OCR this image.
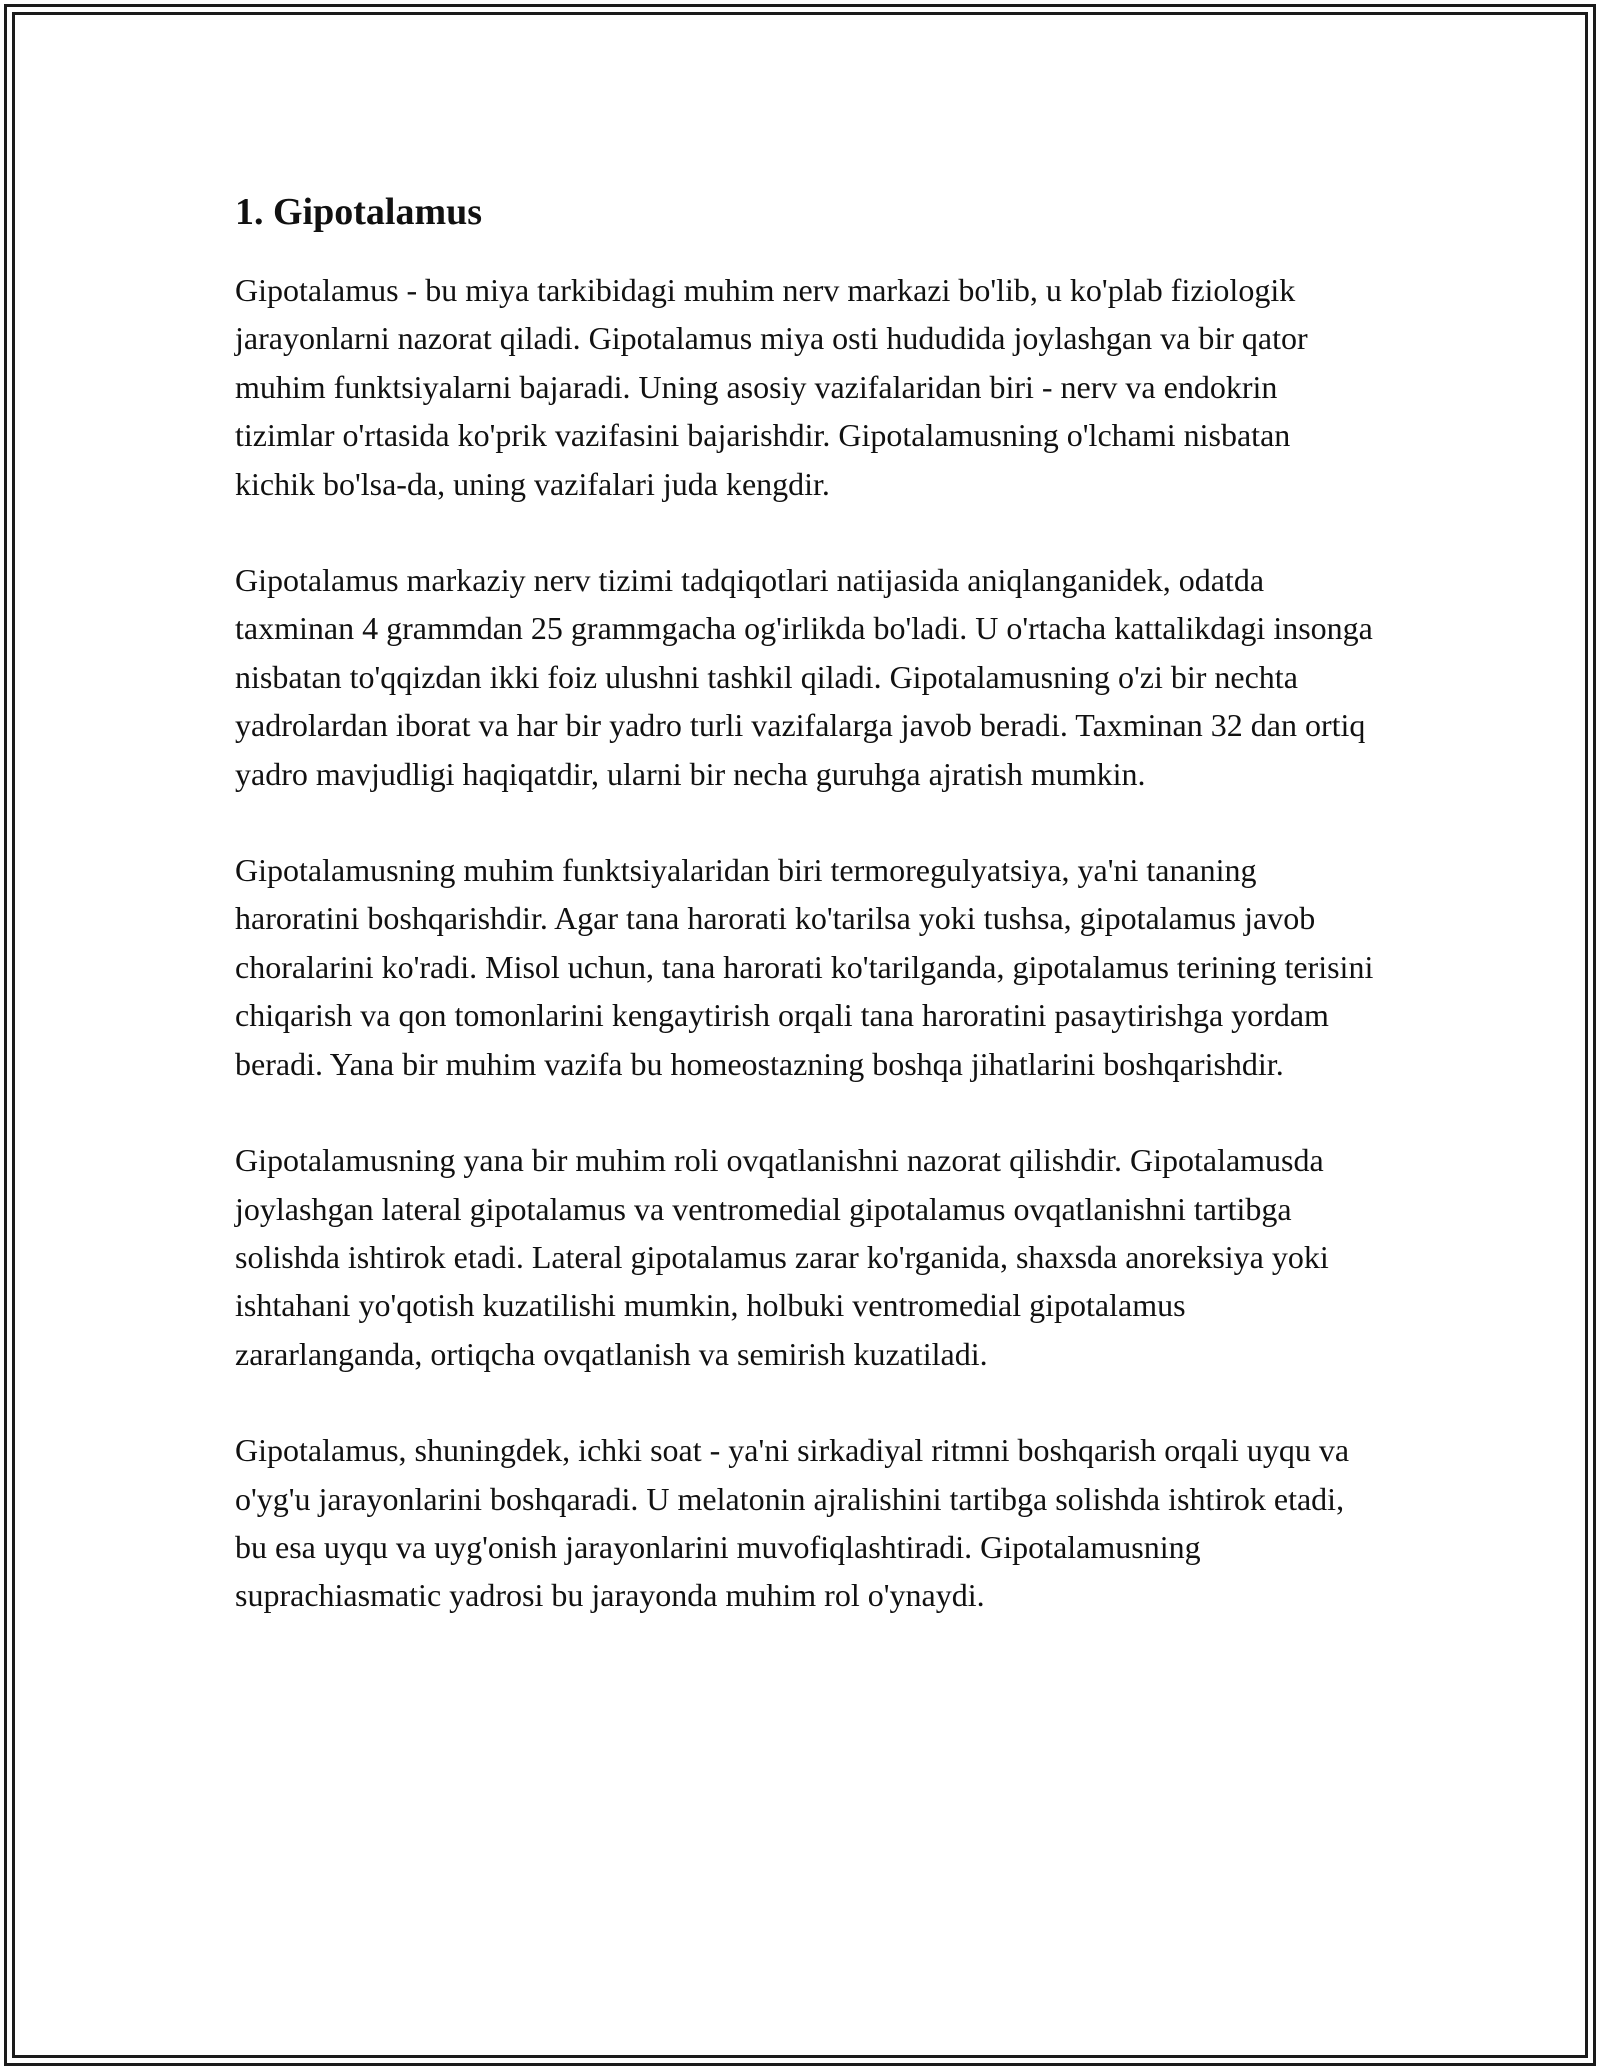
1. Gipotalamus

Gipotalamus - bu miya tarkibidagi muhim nerv markazi bo'lib, u ko'plab fiziologik jarayonlarni nazorat qiladi. Gipotalamus miya osti hududida joylashgan va bir qator muhim funktsiyalarni bajaradi. Uning asosiy vazifalaridan biri - nerv va endokrin tizimlar o'rtasida ko'prik vazifasini bajarishdir. Gipotalamusning o'lchami nisbatan kichik bo'lsa-da, uning vazifalari juda kengdir.

Gipotalamus markaziy nerv tizimi tadqiqotlari natijasida aniqlanganidek, odatda taxminan 4 grammdan 25 grammgacha og'irlikda bo'ladi. U o'rtacha kattalikdagi insonga nisbatan to'qqizdan ikki foiz ulushni tashkil qiladi. Gipotalamusning o'zi bir nechta yadrolardan iborat va har bir yadro turli vazifalarga javob beradi. Taxminan 32 dan ortiq yadro mavjudligi haqiqatdir, ularni bir necha guruhga ajratish mumkin.

Gipotalamusning muhim funktsiyalaridan biri termoregulyatsiya, ya'ni tananing haroratini boshqarishdir. Agar tana harorati ko'tarilsa yoki tushsa, gipotalamus javob choralarini ko'radi. Misol uchun, tana harorati ko'tarilganda, gipotalamus terining terisini chiqarish va qon tomonlarini kengaytirish orqali tana haroratini pasaytirishga yordam beradi. Yana bir muhim vazifa bu homeostazning boshqa jihatlarini boshqarishdir.

Gipotalamusning yana bir muhim roli ovqatlanishni nazorat qilishdir. Gipotalamusda joylashgan lateral gipotalamus va ventromedial gipotalamus ovqatlanishni tartibga solishda ishtirok etadi. Lateral gipotalamus zarar ko'rganida, shaxsda anoreksiya yoki ishtahani yo'qotish kuzatilishi mumkin, holbuki ventromedial gipotalamus zararlanganda, ortiqcha ovqatlanish va semirish kuzatiladi.

Gipotalamus, shuningdek, ichki soat - ya'ni sirkadiyal ritmni boshqarish orqali uyqu va o'yg'u jarayonlarini boshqaradi. U melatonin ajralishini tartibga solishda ishtirok etadi, bu esa uyqu va uyg'onish jarayonlarini muvofiqlashtiradi. Gipotalamusning suprachiasmatic yadrosi bu jarayonda muhim rol o'ynaydi.
